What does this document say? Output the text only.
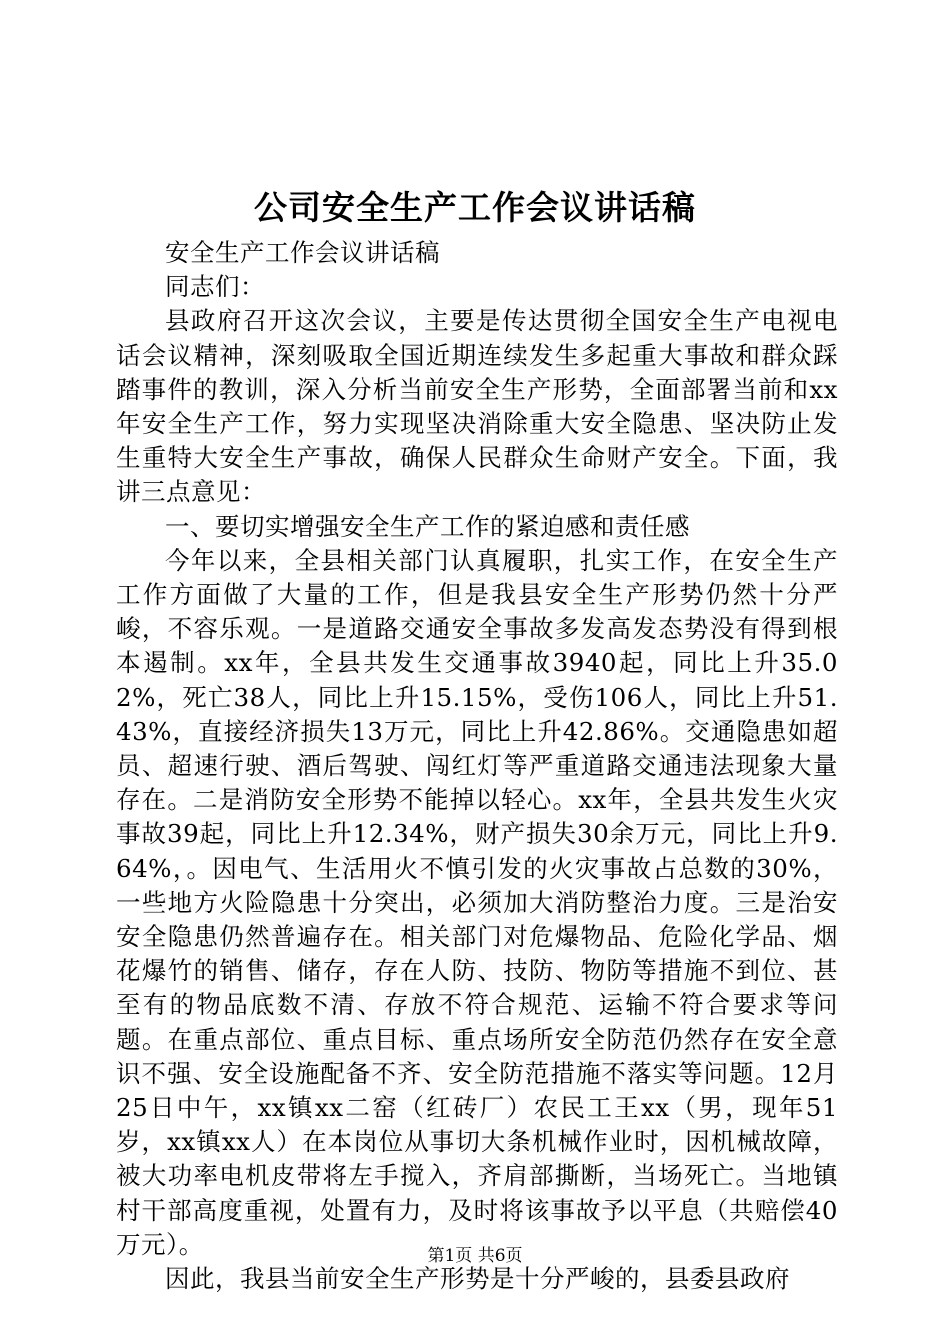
公司安全生产工作会议讲话稿

安全生产工作会议讲话稿

同志们：

县政府召开这次会议，主要是传达贯彻全国安全生产电视电话会议精神，深刻吸取全国近期连续发生多起重大事故和群众踩踏事件的教训，深入分析当前安全生产形势，全面部署当前和xx年安全生产工作，努力实现坚决消除重大安全隐患、坚决防止发生重特大安全生产事故，确保人民群众生命财产安全。下面，我讲三点意见：

一、要切实增强安全生产工作的紧迫感和责任感

今年以来，全县相关部门认真履职，扎实工作，在安全生产工作方面做了大量的工作，但是我县安全生产形势仍然十分严峻，不容乐观。一是道路交通安全事故多发高发态势没有得到根本遏制。xx年，全县共发生交通事故3940起，同比上升35.02%，死亡38人，同比上升15.15%，受伤106人，同比上升51.43%，直接经济损失13万元，同比上升42.86%。交通隐患如超员、超速行驶、酒后驾驶、闯红灯等严重道路交通违法现象大量存在。二是消防安全形势不能掉以轻心。xx年，全县共发生火灾事故39起，同比上升12.34%，财产损失30余万元，同比上升9.64%，。因电气、生活用火不慎引发的火灾事故占总数的30%，一些地方火险隐患十分突出，必须加大消防整治力度。三是治安安全隐患仍然普遍存在。相关部门对危爆物品、危险化学品、烟花爆竹的销售、储存，存在人防、技防、物防等措施不到位、甚至有的物品底数不清、存放不符合规范、运输不符合要求等问题。在重点部位、重点目标、重点场所安全防范仍然存在安全意识不强、安全设施配备不齐、安全防范措施不落实等问题。12月25日中午，xx镇xx二窑（红砖厂）农民工王xx（男，现年51岁，xx镇xx人）在本岗位从事切大条机械作业时，因机械故障，被大功率电机皮带将左手搅入，齐肩部撕断，当场死亡。当地镇村干部高度重视，处置有力，及时将该事故予以平息（共赔偿40万元）。

因此，我县当前安全生产形势是十分严峻的，县委县政府

第1页 共6页
